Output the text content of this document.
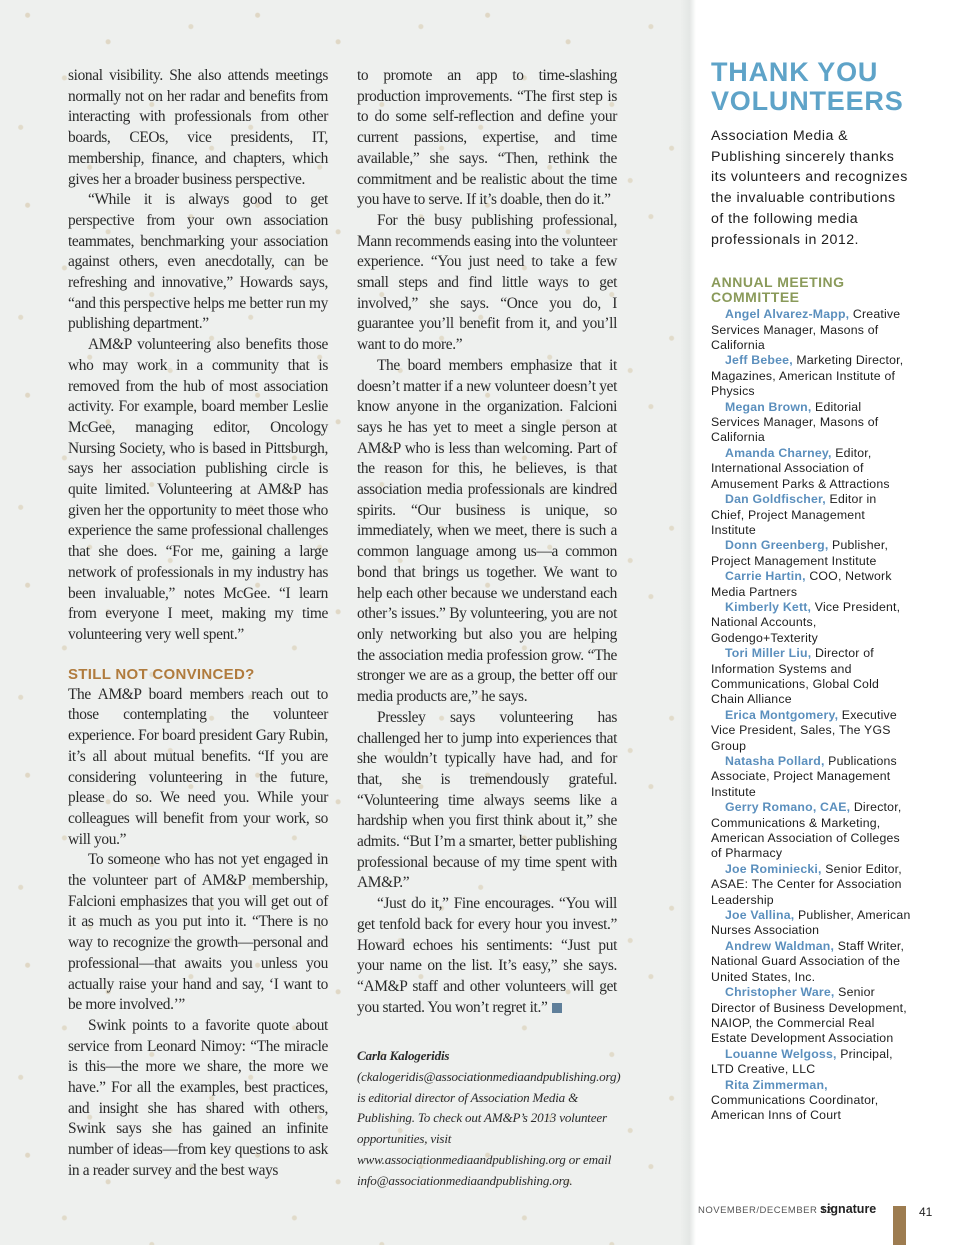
sional visibility. She also attends meetings normally not on her radar and benefits from interacting with professionals from other boards, CEOs, vice presidents, IT, membership, finance, and chapters, which gives her a broader business perspective.

“While it is always good to get perspective from your own association teammates, benchmarking your association against others, even anecdotally, can be refreshing and innovative,” Howards says, “and this perspective helps me better run my publishing department.”

AM&P volunteering also benefits those who may work in a community that is removed from the hub of most association activity. For example, board member Leslie McGee, managing editor, Oncology Nursing Society, who is based in Pittsburgh, says her association publishing circle is quite limited. Volunteering at AM&P has given her the opportunity to meet those who experience the same professional challenges that she does. “For me, gaining a large network of professionals in my industry has been invaluable,” notes McGee. “I learn from everyone I meet, making my time volunteering very well spent.”

STILL NOT CONVINCED?

The AM&P board members reach out to those contemplating the volunteer experience. For board president Gary Rubin, it’s all about mutual benefits. “If you are considering volunteering in the future, please do so. We need you. While your colleagues will benefit from your work, so will you.”

To someone who has not yet engaged in the volunteer part of AM&P membership, Falcioni emphasizes that you will get out of it as much as you put into it. “There is no way to recognize the growth—personal and professional—that awaits you unless you actually raise your hand and say, ‘I want to be more involved.’”

Swink points to a favorite quote about service from Leonard Nimoy: “The miracle is this—the more we share, the more we have.” For all the examples, best practices, and insight she has shared with others, Swink says she has gained an infinite number of ideas—from key questions to ask in a reader survey and the best ways

to promote an app to time-slashing production improvements. “The first step is to do some self-reflection and define your current passions, expertise, and time available,” she says. “Then, rethink the commitment and be realistic about the time you have to serve. If it’s doable, then do it.”

For the busy publishing professional, Mann recommends easing into the volunteer experience. “You just need to take a few small steps and find little ways to get involved,” she says. “Once you do, I guarantee you’ll benefit from it, and you’ll want to do more.”

The board members emphasize that it doesn’t matter if a new volunteer doesn’t yet know anyone in the organization. Falcioni says he has yet to meet a single person at AM&P who is less than welcoming. Part of the reason for this, he believes, is that association media professionals are kindred spirits. “Our business is unique, so immediately, when we meet, there is such a common language among us—a common bond that brings us together. We want to help each other because we understand each other’s issues.” By volunteering, you are not only networking but also you are helping the association media profession grow. “The stronger we are as a group, the better off our media products are,” he says.

Pressley says volunteering has challenged her to jump into experiences that she wouldn’t typically have had, and for that, she is tremendously grateful. “Volunteering time always seems like a hardship when you first think about it,” she admits. “But I’m a smarter, better publishing professional because of my time spent with AM&P.”

“Just do it,” Fine encourages. “You will get tenfold back for every hour you invest.” Howard echoes his sentiments: “Just put your name on the list. It’s easy,” she says. “AM&P staff and other volunteers will get you started. You won’t regret it.”

Carla Kalogeridis (ckalogeridis@associationmediaandpublishing.org) is editorial director of Association Media & Publishing. To check out AM&P’s 2013 volunteer opportunities, visit www.associationmediaandpublishing.org or email info@associationmediaandpublishing.org.

THANK YOU
VOLUNTEERS

Association Media & Publishing sincerely thanks its volunteers and recognizes the invaluable contributions of the following media professionals in 2012.

ANNUAL MEETING
COMMITTEE
Angel Alvarez-Mapp, Creative Services Manager, Masons of California
Jeff Bebee, Marketing Director, Magazines, American Institute of Physics
Megan Brown, Editorial Services Manager, Masons of California
Amanda Charney, Editor, International Association of Amusement Parks & Attractions
Dan Goldfischer, Editor in Chief, Project Management Institute
Donn Greenberg, Publisher, Project Management Institute
Carrie Hartin, COO, Network Media Partners
Kimberly Kett, Vice President, National Accounts, Godengo+Texterity
Tori Miller Liu, Director of Information Systems and Communications, Global Cold Chain Alliance
Erica Montgomery, Executive Vice President, Sales, The YGS Group
Natasha Pollard, Publications Associate, Project Management Institute
Gerry Romano, CAE, Director, Communications & Marketing, American Association of Colleges of Pharmacy
Joe Rominiecki, Senior Editor, ASAE: The Center for Association Leadership
Joe Vallina, Publisher, American Nurses Association
Andrew Waldman, Staff Writer, National Guard Association of the United States, Inc.
Christopher Ware, Senior Director of Business Development, NAIOP, the Commercial Real Estate Development Association
Louanne Welgoss, Principal, LTD Creative, LLC
Rita Zimmerman, Communications Coordinator, American Inns of Court
NOVEMBER/DECEMBER 12
signature	41
